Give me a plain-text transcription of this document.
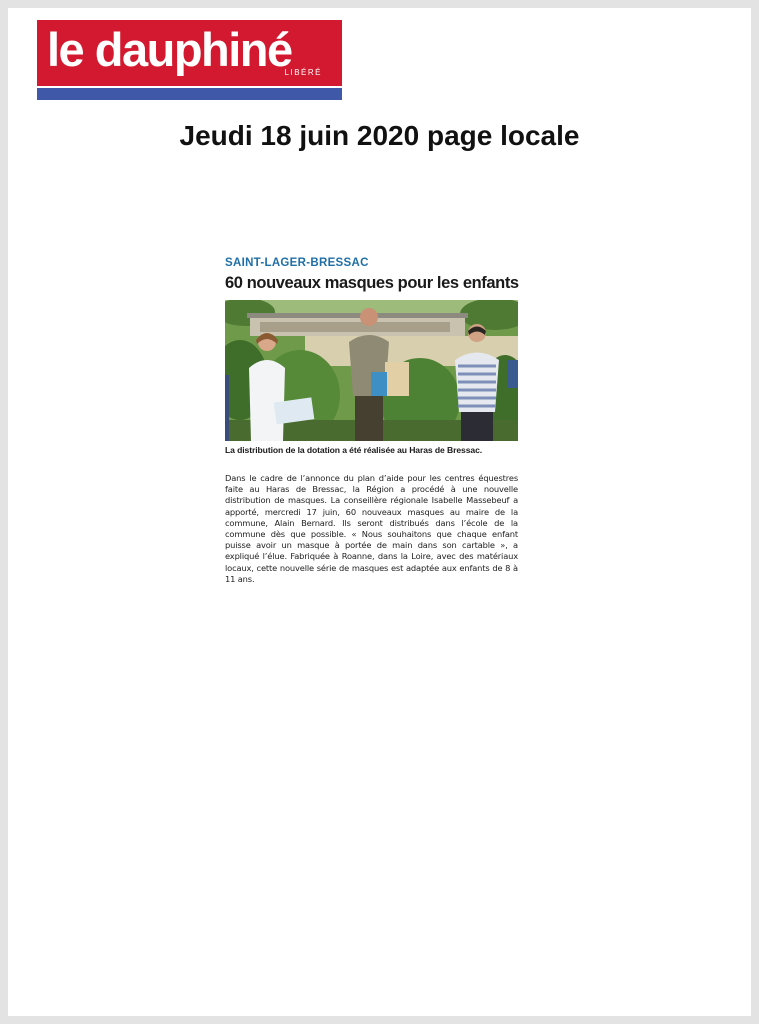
le dauphiné
LIBÉRÉ
Jeudi 18 juin 2020 page locale
SAINT-LAGER-BRESSAC
60 nouveaux masques pour les enfants
La distribution de la dotation a été réalisée au Haras de Bressac.
Dans le cadre de l’annonce du plan d’aide pour les centres équestres faite au Haras de Bressac, la Région a procédé à une nouvelle distribution de masques. La conseillère régionale Isabelle Massebeuf a apporté, mercredi 17 juin, 60 nouveaux masques au maire de la commune, Alain Bernard. Ils seront distribués dans l’école de la commune dès que possible. « Nous souhaitons que chaque enfant puisse avoir un masque à portée de main dans son cartable », a expliqué l’élue. Fabriquée à Roanne, dans la Loire, avec des matériaux locaux, cette nouvelle série de masques est adaptée aux enfants de 8 à 11 ans.
